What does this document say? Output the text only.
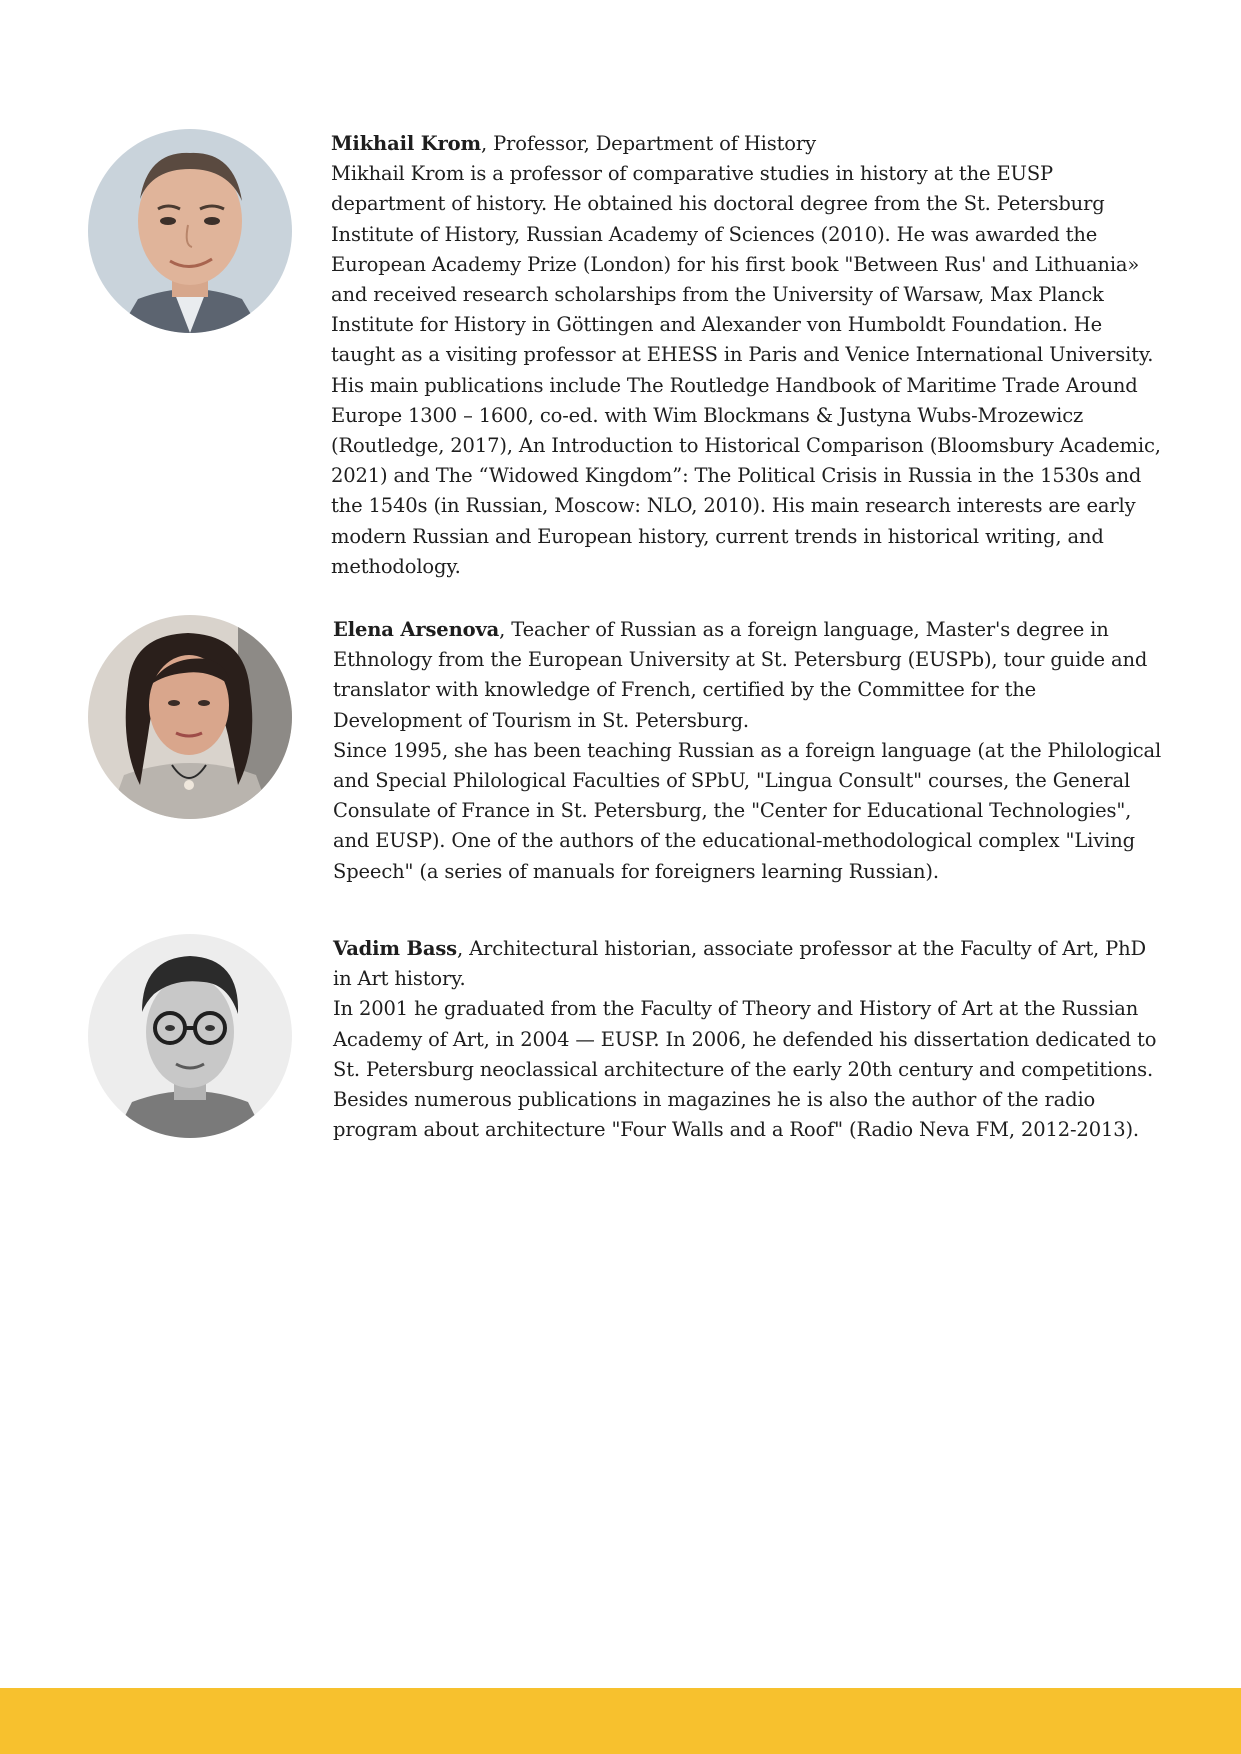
Mikhail Krom, Professor, Department of History

Mikhail Krom is a professor of comparative studies in history at the EUSP department of history. He obtained his doctoral degree from the St. Petersburg Institute of History, Russian Academy of Sciences (2010). He was awarded the European Academy Prize (London) for his first book "Between Rus' and Lithuania» and received research scholarships from the University of Warsaw, Max Planck Institute for History in Göttingen and Alexander von Humboldt Foundation. He taught as a visiting professor at EHESS in Paris and Venice International University. His main publications include The Routledge Handbook of Maritime Trade Around Europe 1300 – 1600, co-ed. with Wim Blockmans & Justyna Wubs-Mrozewicz (Routledge, 2017), An Introduction to Historical Comparison (Bloomsbury Academic, 2021) and The “Widowed Kingdom”: The Political Crisis in Russia in the 1530s and the 1540s (in Russian, Moscow: NLO, 2010). His main research interests are early modern Russian and European history, current trends in historical writing, and methodology.

Elena Arsenova, Teacher of Russian as a foreign language, Master's degree in Ethnology from the European University at St. Petersburg (EUSPb), tour guide and translator with knowledge of French, certified by the Committee for the Development of Tourism in St. Petersburg.

Since 1995, she has been teaching Russian as a foreign language (at the Philological and Special Philological Faculties of SPbU, "Lingua Consult" courses, the General Consulate of France in St. Petersburg, the "Center for Educational Technologies", and EUSP). One of the authors of the educational-methodological complex "Living Speech" (a series of manuals for foreigners learning Russian).

Vadim Bass, Architectural historian, associate professor at the Faculty of Art, PhD in Art history.

In 2001 he graduated from the Faculty of Theory and History of Art at the Russian Academy of Art, in 2004 — EUSP. In 2006, he defended his dissertation dedicated to St. Petersburg neoclassical architecture of the early 20th century and competitions. Besides numerous publications in magazines he is also the author of the radio program about architecture "Four Walls and a Roof" (Radio Neva FM, 2012-2013).
